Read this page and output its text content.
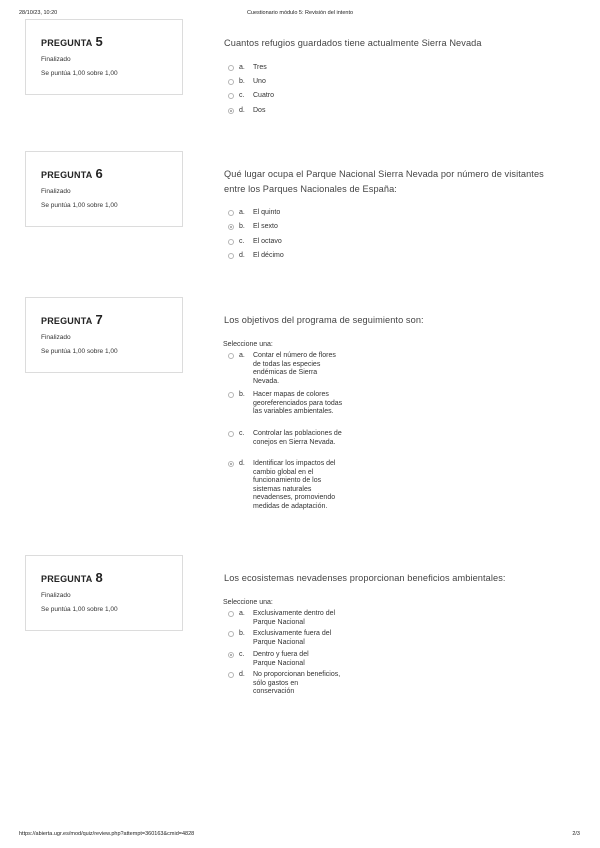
28/10/23, 10:20	Cuestionario módulo 5: Revisión del intento
PREGUNTA 5
Finalizado
Se puntúa 1,00 sobre 1,00
Cuantos refugios guardados tiene actualmente Sierra Nevada
a. Tres
b. Uno
c. Cuatro
d. Dos
PREGUNTA 6
Finalizado
Se puntúa 1,00 sobre 1,00
Qué lugar ocupa el Parque Nacional Sierra Nevada por número de visitantes entre los Parques Nacionales de España:
a. El quinto
b. El sexto
c. El octavo
d. El décimo
PREGUNTA 7
Finalizado
Se puntúa 1,00 sobre 1,00
Los objetivos del programa de seguimiento son:
Seleccione una:
a. Contar el número de flores de todas las especies endémicas de Sierra Nevada.
b. Hacer mapas de colores georeferenciados para todas las variables ambientales.
c. Controlar las poblaciones de conejos en Sierra Nevada.
d. Identificar los impactos del cambio global en el funcionamiento de los sistemas naturales nevadenses, promoviendo medidas de adaptación.
PREGUNTA 8
Finalizado
Se puntúa 1,00 sobre 1,00
Los ecosistemas nevadenses proporcionan beneficios ambientales:
Seleccione una:
a. Exclusivamente dentro del Parque Nacional
b. Exclusivamente fuera del Parque Nacional
c. Dentro y fuera del Parque Nacional
d. No proporcionan beneficios, sólo gastos en conservación
https://abierta.ugr.es/mod/quiz/review.php?attempt=360163&cmid=4828	2/3
